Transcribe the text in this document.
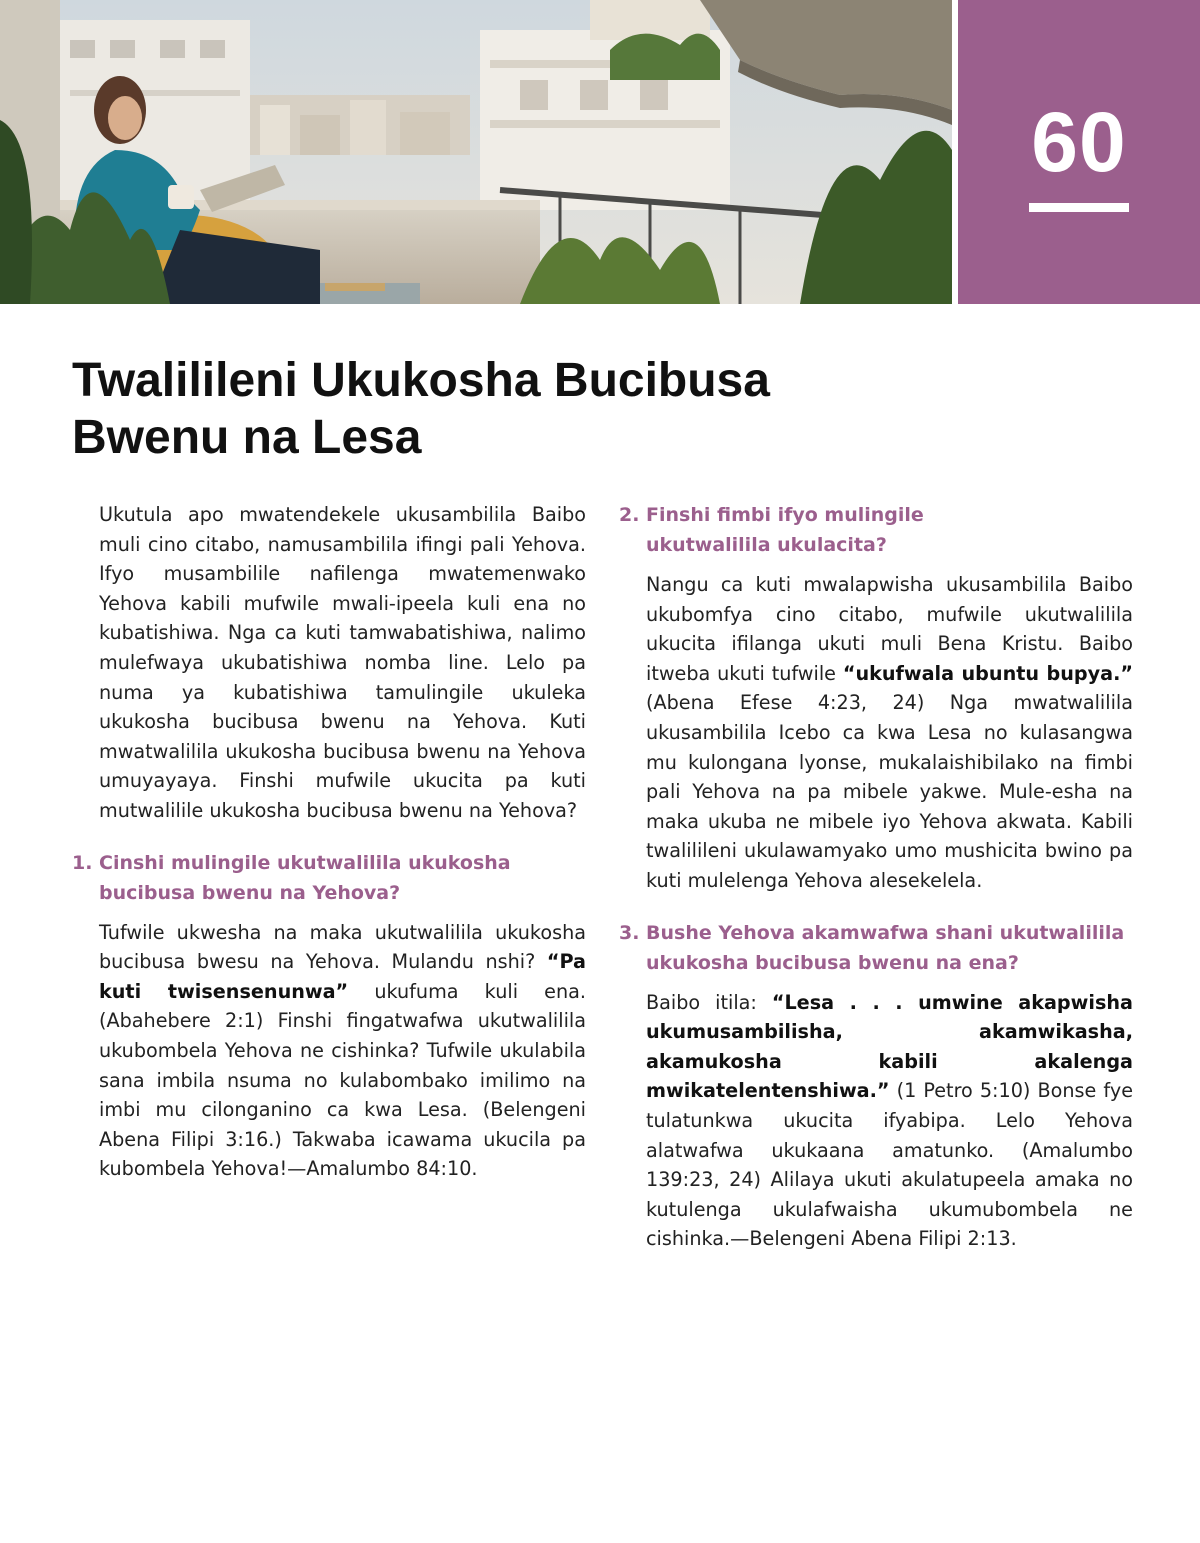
60
Twalilileni Ukukosha Bucibusa
Bwenu na Lesa

Ukutula apo mwatendekele ukusambilila Baibo muli cino citabo, namusambilila ifingi pali Yehova. Ifyo musambilile nafilenga mwatemenwako Yehova kabili mufwile mwali-ipeela kuli ena no kubatishiwa. Nga ca kuti tamwabatishiwa, nalimo mulefwaya ukubatishiwa nomba line. Lelo pa numa ya kubatishiwa tamulingile ukuleka ukukosha bucibusa bwenu na Yehova. Kuti mwatwalilila ukukosha bucibusa bwenu na Yehova umuyayaya. Finshi mufwile ukucita pa kuti mutwalilile ukukosha bucibusa bwenu na Yehova?

1. Cinshi mulingile ukutwalilila ukukosha
bucibusa bwenu na Yehova?

Tufwile ukwesha na maka ukutwalilila ukukosha bucibusa bwesu na Yehova. Mulandu nshi? “Pa kuti twisensenunwa” ukufuma kuli ena. (Abahebere 2:1) Finshi fingatwafwa ukutwalilila ukubombela Yehova ne cishinka? Tufwile ukulabila sana imbila nsuma no kulabombako imilimo na imbi mu cilonganino ca kwa Lesa. (Belengeni Abena Filipi 3:16.) Takwaba icawama ukucila pa kubombela Yehova!—Amalumbo 84:10.

2. Finshi fimbi ifyo mulingile
ukutwalilila ukulacita?

Nangu ca kuti mwalapwisha ukusambilila Baibo ukubomfya cino citabo, mufwile ukutwalilila ukucita ifilanga ukuti muli Bena Kristu. Baibo itweba ukuti tufwile “ukufwala ubuntu bupya.” (Abena Efese 4:23, 24) Nga mwatwalilila ukusambilila Icebo ca kwa Lesa no kulasangwa mu kulongana lyonse, mukalaishibilako na fimbi pali Yehova na pa mibele yakwe. Mule-esha na maka ukuba ne mibele iyo Yehova akwata. Kabili twalilileni ukulawamyako umo mushicita bwino pa kuti mulelenga Yehova alesekelela.

3. Bushe Yehova akamwafwa shani ukutwalilila
ukukosha bucibusa bwenu na ena?

Baibo itila: “Lesa . . . umwine akapwisha ukumusambilisha, akamwikasha, akamukosha kabili akalenga mwikatelentenshiwa.” (1 Petro 5:10) Bonse fye tulatunkwa ukucita ifyabipa. Lelo Yehova alatwafwa ukukaana amatunko. (Amalumbo 139:23, 24) Alilaya ukuti akulatupeela amaka no kutulenga ukulafwaisha ukumubombela ne cishinka.—Belengeni Abena Filipi 2:13.
